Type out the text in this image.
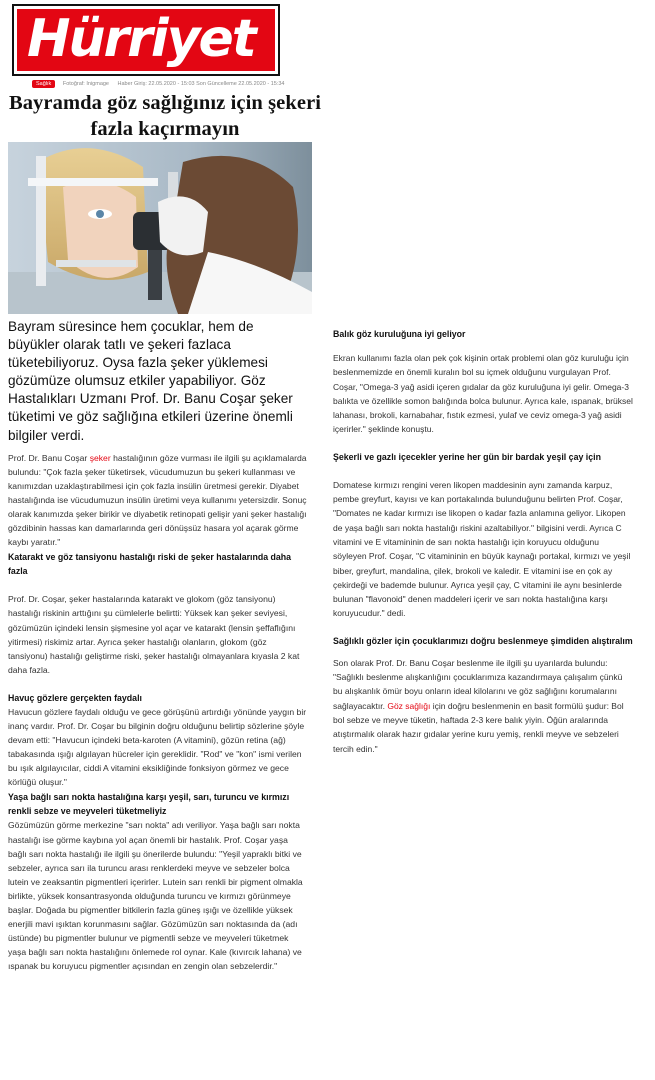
Hürriyet
Sağlık Fotoğraf: Inigmage Haber Giriş: 22.05.2020 - 15:03 Son Güncelleme 22.05.2020 - 15:34
Bayramda göz sağlığınız için şekeri fazla kaçırmayın

Bayram süresince hem çocuklar, hem de büyükler olarak tatlı ve şekeri fazlaca tüketebiliyoruz. Oysa fazla şeker yüklemesi gözümüze olumsuz etkiler yapabiliyor. Göz Hastalıkları Uzmanı Prof. Dr. Banu Coşar şeker tüketimi ve göz sağlığına etkileri üzerine önemli bilgiler verdi.

Prof. Dr. Banu Coşar şeker hastalığının göze vurması ile ilgili şu açıklamalarda bulundu: "Çok fazla şeker tüketirsek, vücudumuzun bu şekeri kullanması ve kanımızdan uzaklaştırabilmesi için çok fazla insülin üretmesi gerekir. Diyabet hastalığında ise vücudumuzun insülin üretimi veya kullanımı yetersizdir. Sonuç olarak kanımızda şeker birikir ve diyabetik retinopati gelişir yani şeker hastalığı gözdibinin hassas kan damarlarında geri dönüşsüz hasara yol açarak görme kaybı yaratır."

Katarakt ve göz tansiyonu hastalığı riski de şeker hastalarında daha fazla

Prof. Dr. Coşar, şeker hastalarında katarakt ve glokom (göz tansiyonu) hastalığı riskinin arttığını şu cümlelerle belirtti: Yüksek kan şeker seviyesi, gözümüzün içindeki lensin şişmesine yol açar ve katarakt (lensin şeffaflığını yitirmesi) riskimiz artar. Ayrıca şeker hastalığı olanların, glokom (göz tansiyonu) hastalığı geliştirme riski, şeker hastalığı olmayanlara kıyasla 2 kat daha fazla.

Havuç gözlere gerçekten faydalı

Havucun gözlere faydalı olduğu ve gece görüşünü artırdığı yönünde yaygın bir inanç vardır. Prof. Dr. Coşar bu bilginin doğru olduğunu belirtip sözlerine şöyle devam etti: "Havucun içindeki beta-karoten (A vitamini), gözün retina (ağ) tabakasında ışığı algılayan hücreler için gereklidir. "Rod" ve "kon" ismi verilen bu ışık algılayıcılar, ciddi A vitamini eksikliğinde fonksiyon görmez ve gece körlüğü oluşur."

Yaşa bağlı sarı nokta hastalığına karşı yeşil, sarı, turuncu ve kırmızı renkli sebze ve meyveleri tüketmeliyiz

Gözümüzün görme merkezine "sarı nokta" adı veriliyor. Yaşa bağlı sarı nokta hastalığı ise görme kaybına yol açan önemli bir hastalık. Prof. Coşar yaşa bağlı sarı nokta hastalığı ile ilgili şu önerilerde bulundu: "Yeşil yapraklı bitki ve sebzeler, ayrıca sarı ila turuncu arası renklerdeki meyve ve sebzeler bolca lutein ve zeaksantin pigmentleri içerirler. Lutein sarı renkli bir pigment olmakla birlikte, yüksek konsantrasyonda olduğunda turuncu ve kırmızı görünmeye başlar. Doğada bu pigmentler bitkilerin fazla güneş ışığı ve özellikle yüksek enerjili mavi ışıktan korunmasını sağlar. Gözümüzün sarı noktasında da (adı üstünde) bu pigmentler bulunur ve pigmentli sebze ve meyveleri tüketmek yaşa bağlı sarı nokta hastalığını önlemede rol oynar. Kale (kıvırcık lahana) ve ıspanak bu koruyucu pigmentler açısından en zengin olan sebzelerdir."

Balık göz kuruluğuna iyi geliyor

Ekran kullanımı fazla olan pek çok kişinin ortak problemi olan göz kuruluğu için beslenmemizde en önemli kuralın bol su içmek olduğunu vurgulayan Prof. Coşar, "Omega-3 yağ asidi içeren gıdalar da göz kuruluğuna iyi gelir. Omega-3 balıkta ve özellikle somon balığında bolca bulunur. Ayrıca kale, ıspanak, brüksel lahanası, brokoli, karnabahar, fıstık ezmesi, yulaf ve ceviz omega-3 yağ asidi içerirler." şeklinde konuştu.

Şekerli ve gazlı içecekler yerine her gün bir bardak yeşil çay için

Domatese kırmızı rengini veren likopen maddesinin aynı zamanda karpuz, pembe greyfurt, kayısı ve kan portakalında bulunduğunu belirten Prof. Coşar, "Domates ne kadar kırmızı ise likopen o kadar fazla anlamına geliyor. Likopen de yaşa bağlı sarı nokta hastalığı riskini azaltabiliyor." bilgisini verdi. Ayrıca C vitamini ve E vitamininin de sarı nokta hastalığı için koruyucu olduğunu söyleyen Prof. Coşar, "C vitamininin en büyük kaynağı portakal, kırmızı ve yeşil biber, greyfurt, mandalina, çilek, brokoli ve kaledir. E vitamini ise en çok ay çekirdeği ve bademde bulunur. Ayrıca yeşil çay, C vitamini ile aynı besinlerde bulunan "flavonoid" denen maddeleri içerir ve sarı nokta hastalığına karşı koruyucudur." dedi.

Sağlıklı gözler için çocuklarımızı doğru beslenmeye şimdiden alıştıralım

Son olarak Prof. Dr. Banu Coşar beslenme ile ilgili şu uyarılarda bulundu: "Sağlıklı beslenme alışkanlığını çocuklarımıza kazandırmaya çalışalım çünkü bu alışkanlık ömür boyu onların ideal kilolarını ve göz sağlığını korumalarını sağlayacaktır. Göz sağlığı için doğru beslenmenin en basit formülü şudur: Bol bol sebze ve meyve tüketin, haftada 2-3 kere balık yiyin. Öğün aralarında atıştırmalık olarak hazır gıdalar yerine kuru yemiş, renkli meyve ve sebzeleri tercih edin."
